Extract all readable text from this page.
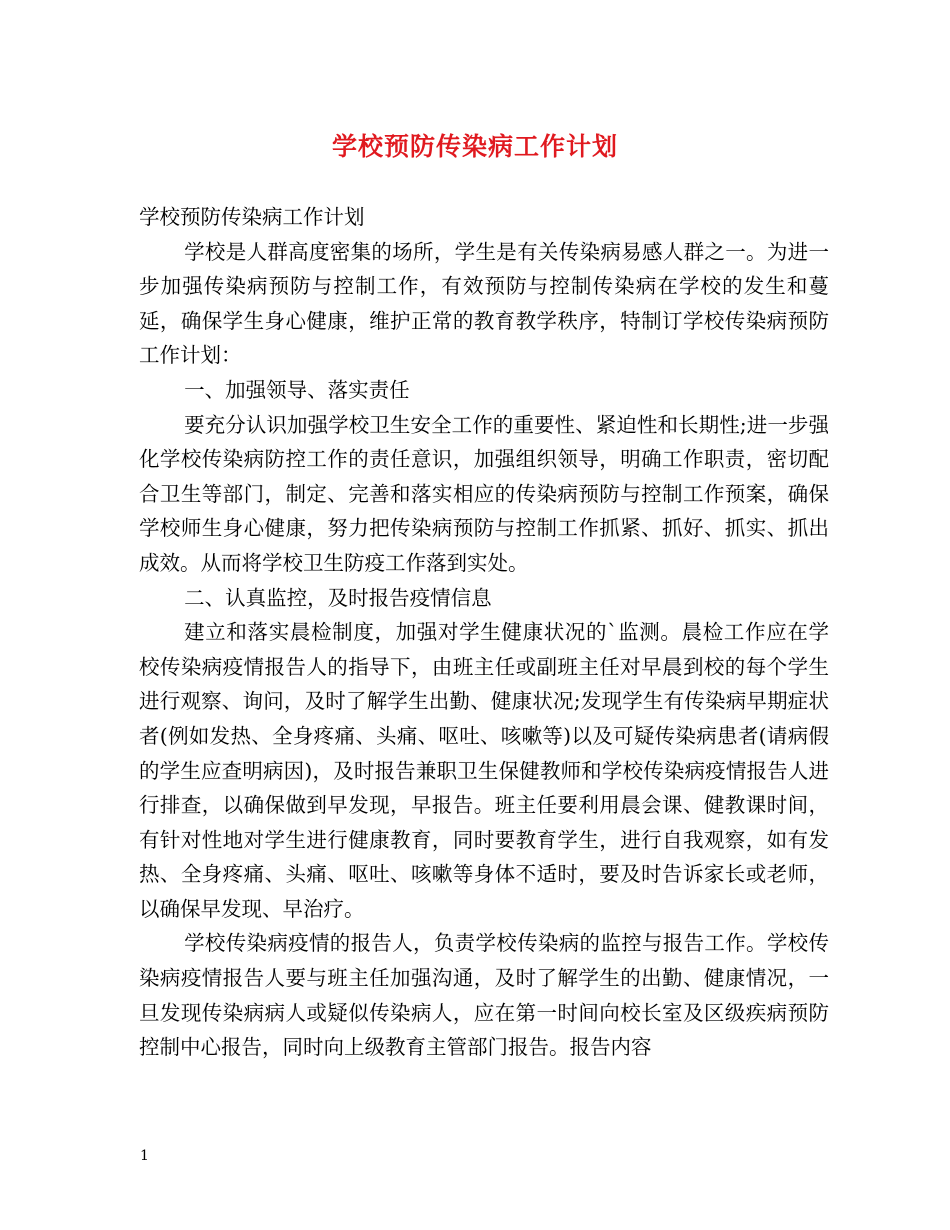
学校预防传染病工作计划

学校预防传染病工作计划

学校是人群高度密集的场所，学生是有关传染病易感人群之一。为进一步加强传染病预防与控制工作，有效预防与控制传染病在学校的发生和蔓延，确保学生身心健康，维护正常的教育教学秩序，特制订学校传染病预防工作计划：

一、加强领导、落实责任

要充分认识加强学校卫生安全工作的重要性、紧迫性和长期性;进一步强化学校传染病防控工作的责任意识，加强组织领导，明确工作职责，密切配合卫生等部门，制定、完善和落实相应的传染病预防与控制工作预案，确保学校师生身心健康，努力把传染病预防与控制工作抓紧、抓好、抓实、抓出成效。从而将学校卫生防疫工作落到实处。

二、认真监控，及时报告疫情信息

建立和落实晨检制度，加强对学生健康状况的`监测。晨检工作应在学校传染病疫情报告人的指导下，由班主任或副班主任对早晨到校的每个学生进行观察、询问，及时了解学生出勤、健康状况;发现学生有传染病早期症状者(例如发热、全身疼痛、头痛、呕吐、咳嗽等)以及可疑传染病患者(请病假的学生应查明病因)，及时报告兼职卫生保健教师和学校传染病疫情报告人进行排查，以确保做到早发现，早报告。班主任要利用晨会课、健教课时间，有针对性地对学生进行健康教育，同时要教育学生，进行自我观察，如有发热、全身疼痛、头痛、呕吐、咳嗽等身体不适时，要及时告诉家长或老师，以确保早发现、早治疗。

学校传染病疫情的报告人，负责学校传染病的监控与报告工作。学校传染病疫情报告人要与班主任加强沟通，及时了解学生的出勤、健康情况，一旦发现传染病病人或疑似传染病人，应在第一时间向校长室及区级疾病预防控制中心报告，同时向上级教育主管部门报告。报告内容

1
